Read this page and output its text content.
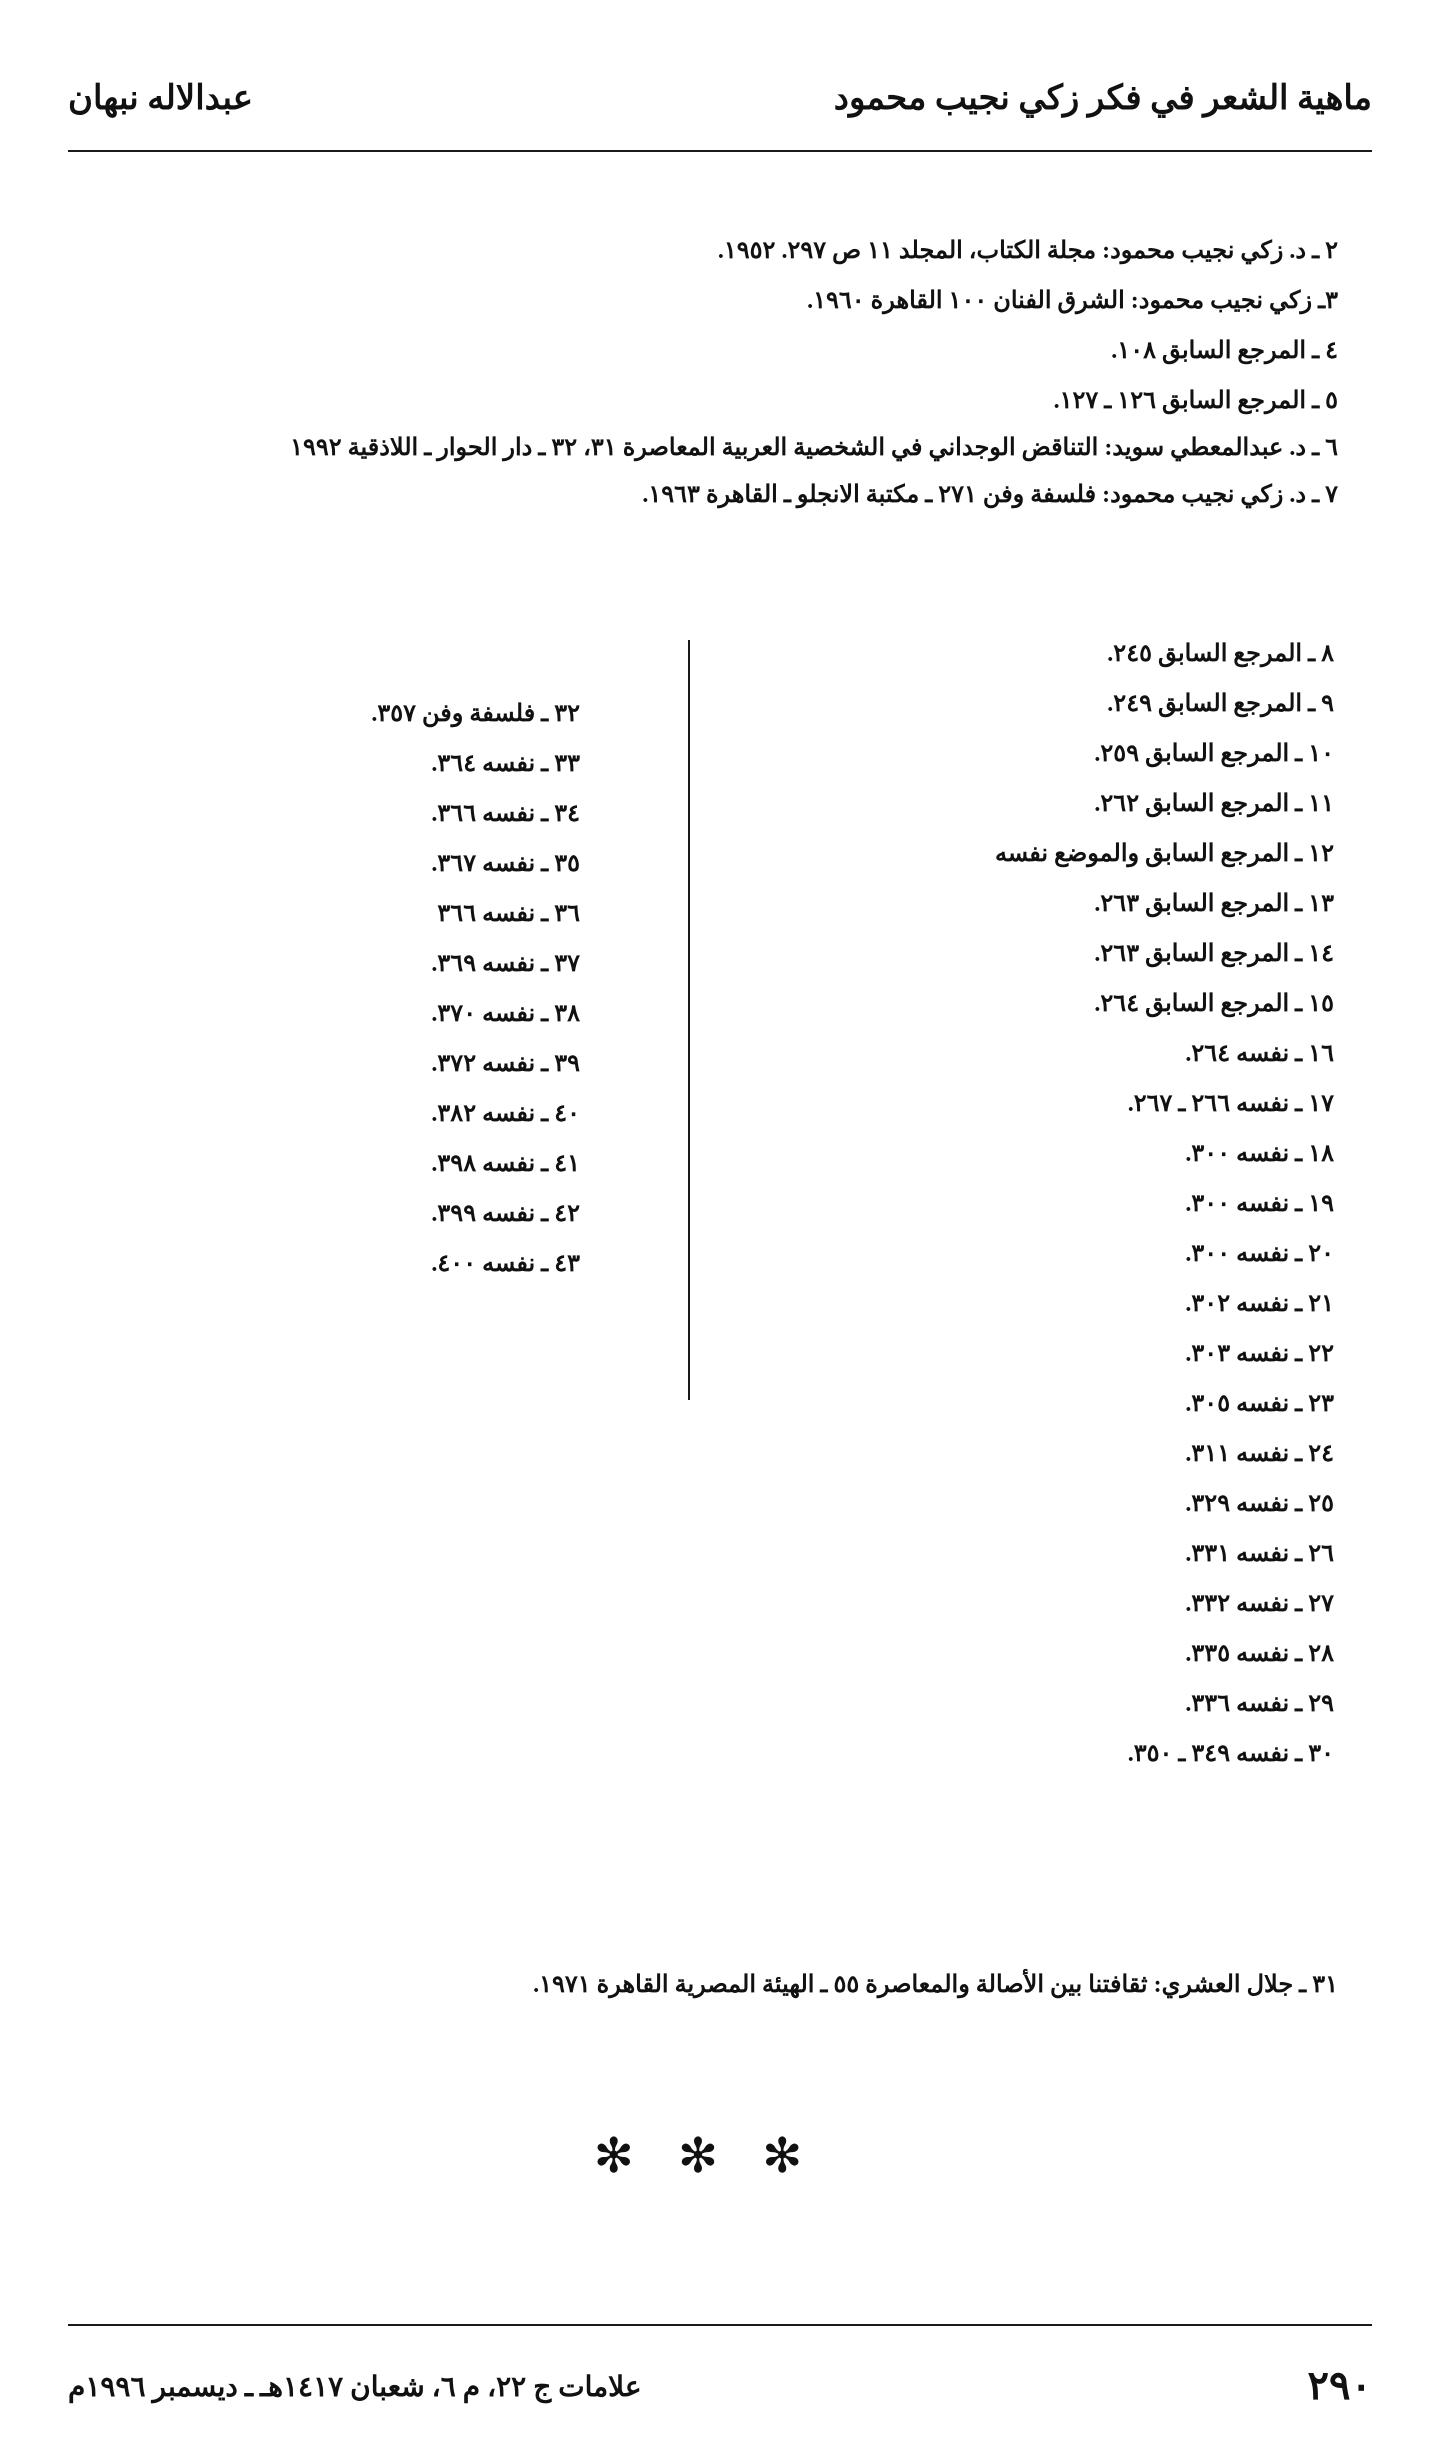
ماهية الشعر في فكر زكي نجيب محمود
عبدالاله نبهان
٢ ـ د. زكي نجيب محمود: مجلة الكتاب، المجلد ١١ ص ٢٩٧. ١٩٥٢.
٣ـ زكي نجيب محمود: الشرق الفنان ١٠٠ القاهرة ١٩٦٠.
٤ ـ المرجع السابق ١٠٨.
٥ ـ المرجع السابق ١٢٦ ـ ١٢٧.
٦ ـ د. عبدالمعطي سويد: التناقض الوجداني في الشخصية العربية المعاصرة ٣١، ٣٢ ـ دار الحوار ـ اللاذقية ١٩٩٢
٧ ـ د. زكي نجيب محمود: فلسفة وفن ٢٧١ ـ مكتبة الانجلو ـ القاهرة ١٩٦٣.
٨ ـ المرجع السابق ٢٤٥.
٩ ـ المرجع السابق ٢٤٩.
١٠ ـ المرجع السابق ٢٥٩.
١١ ـ المرجع السابق ٢٦٢.
١٢ ـ المرجع السابق والموضع نفسه
١٣ ـ المرجع السابق ٢٦٣.
١٤ ـ المرجع السابق ٢٦٣.
١٥ ـ المرجع السابق ٢٦٤.
١٦ ـ نفسه ٢٦٤.
١٧ ـ نفسه ٢٦٦ ـ ٢٦٧.
١٨ ـ نفسه ٣٠٠.
١٩ ـ نفسه ٣٠٠.
٢٠ ـ نفسه ٣٠٠.
٢١ ـ نفسه ٣٠٢.
٢٢ ـ نفسه ٣٠٣.
٢٣ ـ نفسه ٣٠٥.
٢٤ ـ نفسه ٣١١.
٢٥ ـ نفسه ٣٢٩.
٢٦ ـ نفسه ٣٣١.
٢٧ ـ نفسه ٣٣٢.
٢٨ ـ نفسه ٣٣٥.
٢٩ ـ نفسه ٣٣٦.
٣٠ ـ نفسه ٣٤٩ ـ ٣٥٠.
٣٢ ـ فلسفة وفن ٣٥٧.
٣٣ ـ نفسه ٣٦٤.
٣٤ ـ نفسه ٣٦٦.
٣٥ ـ نفسه ٣٦٧.
٣٦ ـ نفسه ٣٦٦
٣٧ ـ نفسه ٣٦٩.
٣٨ ـ نفسه ٣٧٠.
٣٩ ـ نفسه ٣٧٢.
٤٠ ـ نفسه ٣٨٢.
٤١ ـ نفسه ٣٩٨.
٤٢ ـ نفسه ٣٩٩.
٤٣ ـ نفسه ٤٠٠.
٣١ ـ جلال العشري: ثقافتنا بين الأصالة والمعاصرة ٥٥ ـ الهيئة المصرية القاهرة ١٩٧١.
✻✻✻
٢٩٠
علامات ج ٢٢، م ٦، شعبان ١٤١٧هـ ـ ديسمبر ١٩٩٦م
